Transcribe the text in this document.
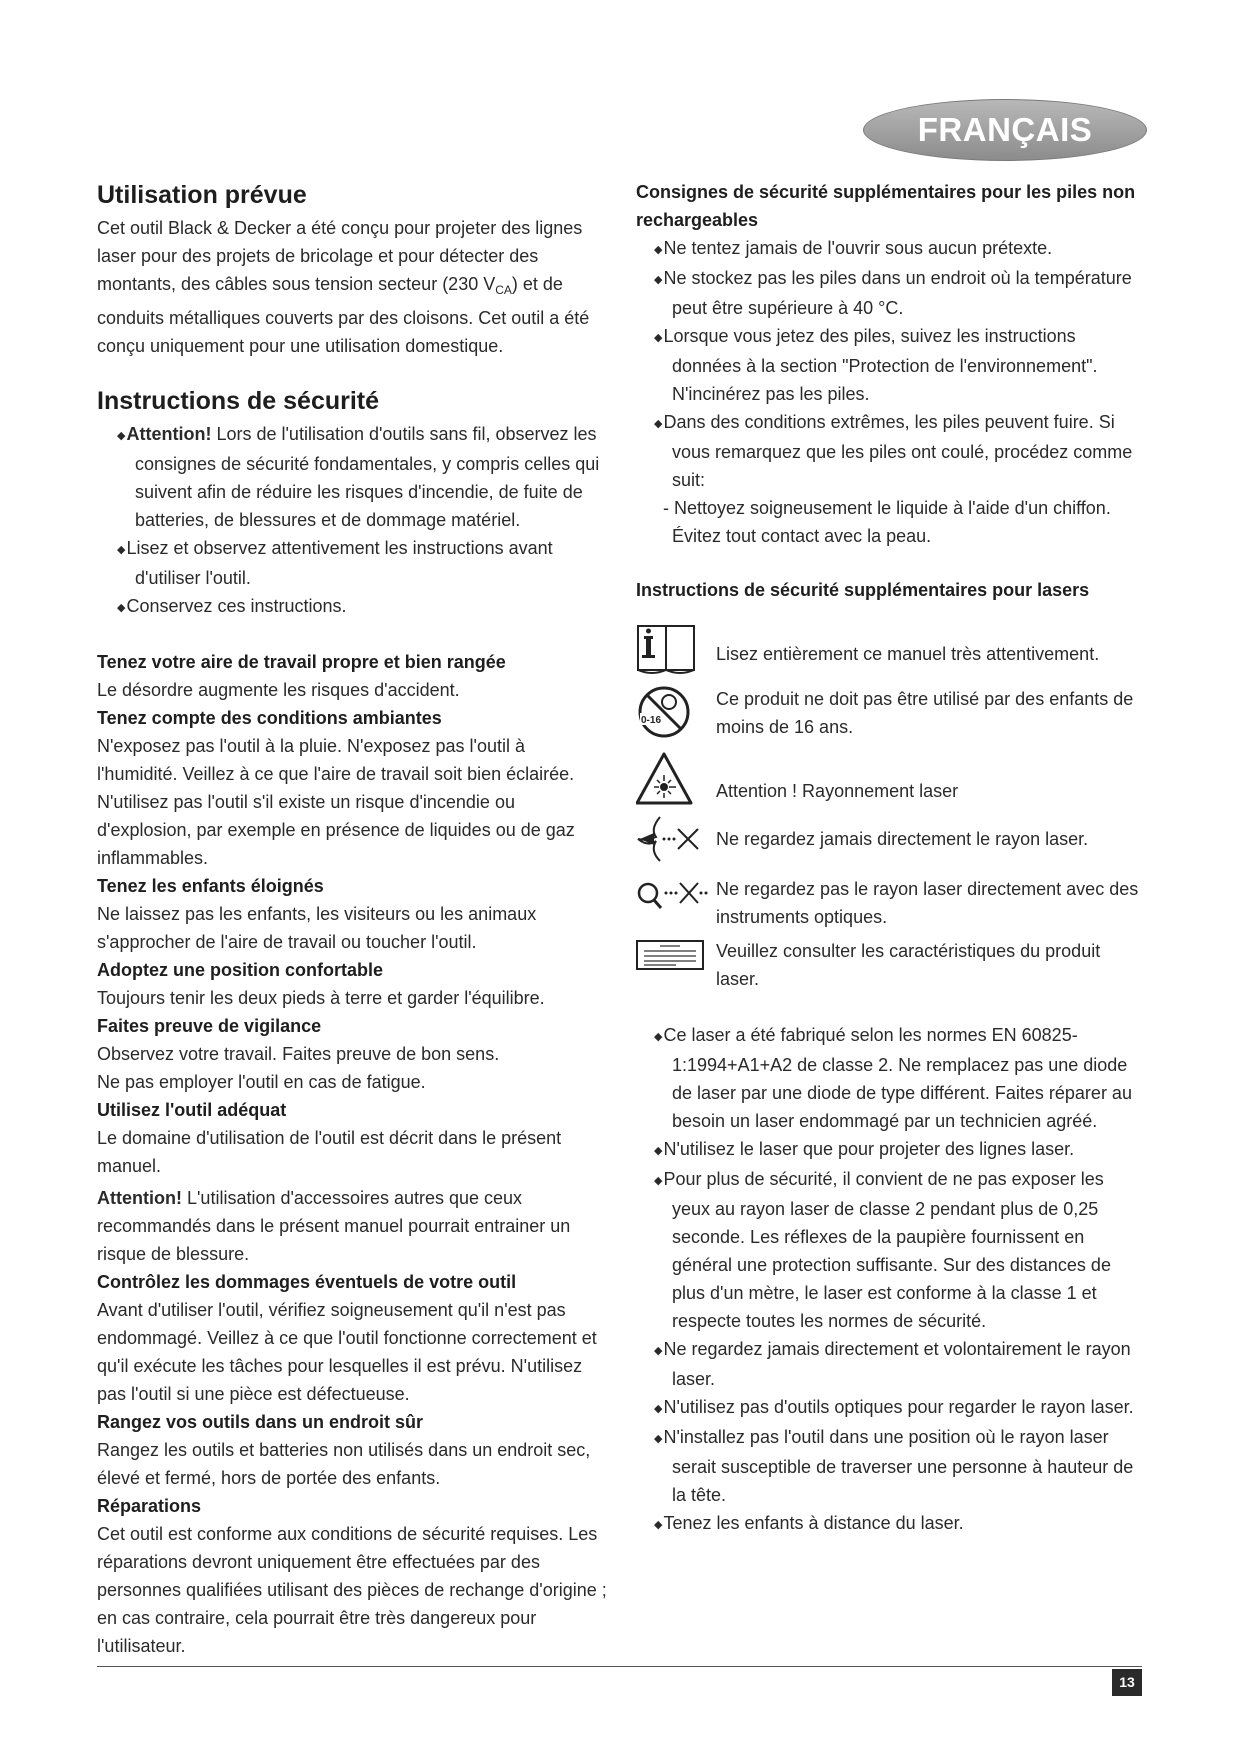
FRANÇAIS
Utilisation prévue

Cet outil Black & Decker a été conçu pour projeter des lignes laser pour des projets de bricolage et pour détecter des montants, des câbles sous tension secteur (230 $V_{CA}$) et de conduits métalliques couverts par des cloisons. Cet outil a été conçu uniquement pour une utilisation domestique.

Instructions de sécurité
◆Attention! Lors de l'utilisation d'outils sans fil, observez les consignes de sécurité fondamentales, y compris celles qui suivent afin de réduire les risques d'incendie, de fuite de batteries, de blessures et de dommage matériel.
◆Lisez et observez attentivement les instructions avant d'utiliser l'outil.
◆Conservez ces instructions.
Tenez votre aire de travail propre et bien rangée

Le désordre augmente les risques d'accident.

Tenez compte des conditions ambiantes

N'exposez pas l'outil à la pluie. N'exposez pas l'outil à l'humidité. Veillez à ce que l'aire de travail soit bien éclairée. N'utilisez pas l'outil s'il existe un risque d'incendie ou d'explosion, par exemple en présence de liquides ou de gaz inflammables.

Tenez les enfants éloignés

Ne laissez pas les enfants, les visiteurs ou les animaux s'approcher de l'aire de travail ou toucher l'outil.

Adoptez une position confortable

Toujours tenir les deux pieds à terre et garder l'équilibre.

Faites preuve de vigilance

Observez votre travail. Faites preuve de bon sens.

Ne pas employer l'outil en cas de fatigue.

Utilisez l'outil adéquat

Le domaine d'utilisation de l'outil est décrit dans le présent manuel.

Attention! L'utilisation d'accessoires autres que ceux recommandés dans le présent manuel pourrait entrainer un risque de blessure.

Contrôlez les dommages éventuels de votre outil

Avant d'utiliser l'outil, vérifiez soigneusement qu'il n'est pas endommagé. Veillez à ce que l'outil fonctionne correctement et qu'il exécute les tâches pour lesquelles il est prévu. N'utilisez pas l'outil si une pièce est défectueuse.

Rangez vos outils dans un endroit sûr

Rangez les outils et batteries non utilisés dans un endroit sec, élevé et fermé, hors de portée des enfants.

Réparations

Cet outil est conforme aux conditions de sécurité requises. Les réparations devront uniquement être effectuées par des personnes qualifiées utilisant des pièces de rechange d'origine ; en cas contraire, cela pourrait être très dangereux pour l'utilisateur.

Consignes de sécurité supplémentaires pour les piles non rechargeables
◆Ne tentez jamais de l'ouvrir sous aucun prétexte.
◆Ne stockez pas les piles dans un endroit où la température peut être supérieure à 40 °C.
◆Lorsque vous jetez des piles, suivez les instructions données à la section "Protection de l'environnement". N'incinérez pas les piles.
◆Dans des conditions extrêmes, les piles peuvent fuire. Si vous remarquez que les piles ont coulé, procédez comme suit:
- Nettoyez soigneusement le liquide à l'aide d'un chiffon. Évitez tout contact avec la peau.
Instructions de sécurité supplémentaires pour lasers
Lisez entièrement ce manuel très attentivement.
0-16
Ce produit ne doit pas être utilisé par des enfants de moins de 16 ans.
Attention ! Rayonnement laser
Ne regardez jamais directement le rayon laser.
Ne regardez pas le rayon laser directement avec des instruments optiques.
Veuillez consulter les caractéristiques du produit laser.
◆Ce laser a été fabriqué selon les normes EN 60825-1:1994+A1+A2 de classe 2. Ne remplacez pas une diode de laser par une diode de type différent. Faites réparer au besoin un laser endommagé par un technicien agréé.
◆N'utilisez le laser que pour projeter des lignes laser.
◆Pour plus de sécurité, il convient de ne pas exposer les yeux au rayon laser de classe 2 pendant plus de 0,25 seconde. Les réflexes de la paupière fournissent en général une protection suffisante. Sur des distances de plus d'un mètre, le laser est conforme à la classe 1 et respecte toutes les normes de sécurité.
◆Ne regardez jamais directement et volontairement le rayon laser.
◆N'utilisez pas d'outils optiques pour regarder le rayon laser.
◆N'installez pas l'outil dans une position où le rayon laser serait susceptible de traverser une personne à hauteur de la tête.
◆Tenez les enfants à distance du laser.
13
